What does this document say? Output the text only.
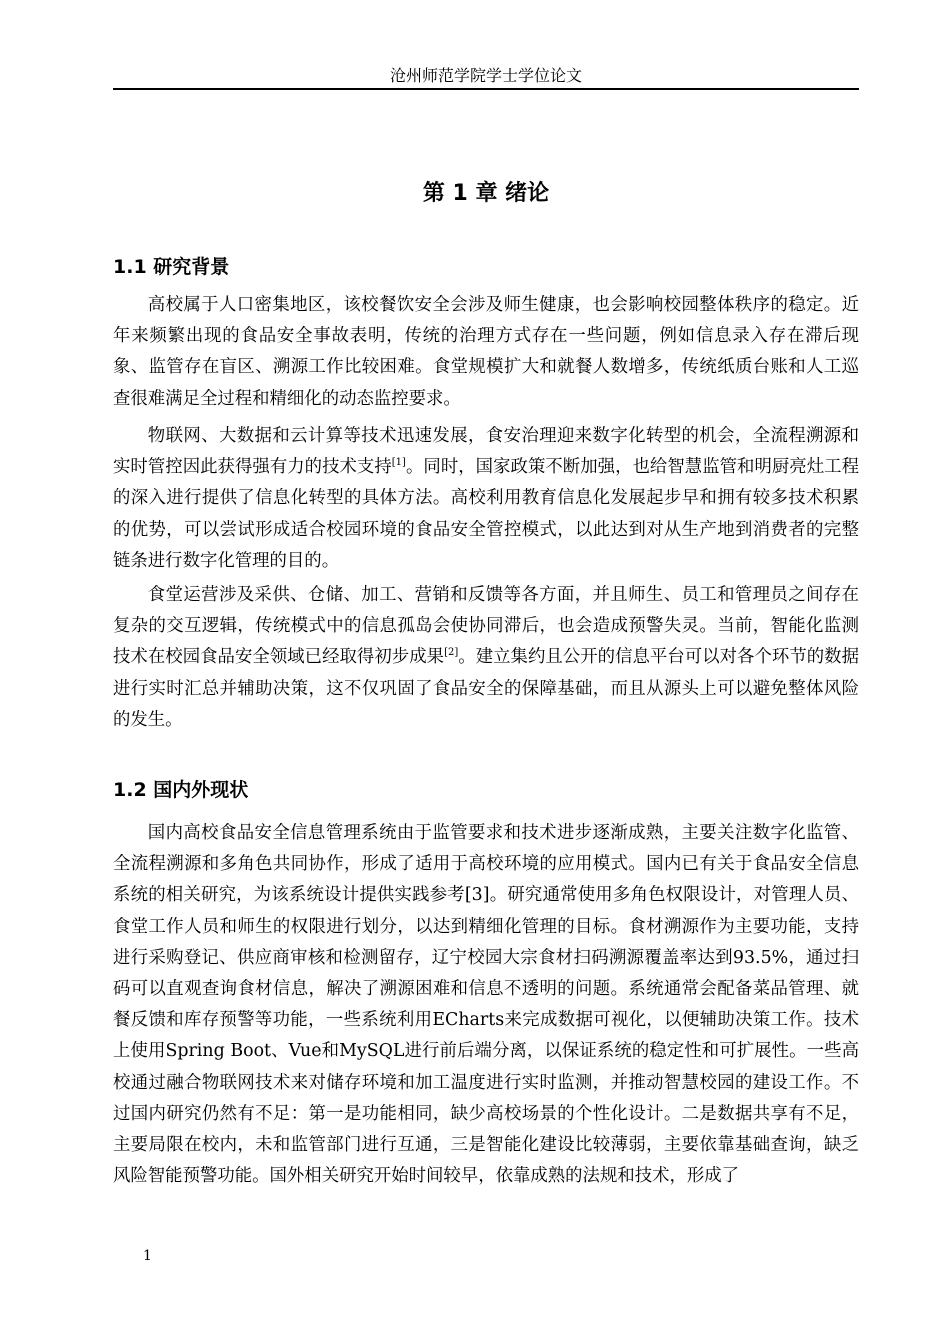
沧州师范学院学士学位论文
第 1 章 绪论
1.1 研究背景

高校属于人口密集地区，该校餐饮安全会涉及师生健康，也会影响校园整体秩序的稳定。近年来频繁出现的食品安全事故表明，传统的治理方式存在一些问题，例如信息录入存在滞后现象、监管存在盲区、溯源工作比较困难。食堂规模扩大和就餐人数增多，传统纸质台账和人工巡查很难满足全过程和精细化的动态监控要求。

物联网、大数据和云计算等技术迅速发展，食安治理迎来数字化转型的机会，全流程溯源和实时管控因此获得强有力的技术支持[1]。同时，国家政策不断加强，也给智慧监管和明厨亮灶工程的深入进行提供了信息化转型的具体方法。高校利用教育信息化发展起步早和拥有较多技术积累的优势，可以尝试形成适合校园环境的食品安全管控模式，以此达到对从生产地到消费者的完整链条进行数字化管理的目的。

食堂运营涉及采供、仓储、加工、营销和反馈等各方面，并且师生、员工和管理员之间存在复杂的交互逻辑，传统模式中的信息孤岛会使协同滞后，也会造成预警失灵。当前，智能化监测技术在校园食品安全领域已经取得初步成果[2]。建立集约且公开的信息平台可以对各个环节的数据进行实时汇总并辅助决策，这不仅巩固了食品安全的保障基础，而且从源头上可以避免整体风险的发生。

1.2 国内外现状

国内高校食品安全信息管理系统由于监管要求和技术进步逐渐成熟，主要关注数字化监管、全流程溯源和多角色共同协作，形成了适用于高校环境的应用模式。国内已有关于食品安全信息系统的相关研究，为该系统设计提供实践参考[3]。研究通常使用多角色权限设计，对管理人员、食堂工作人员和师生的权限进行划分，以达到精细化管理的目标。食材溯源作为主要功能，支持进行采购登记、供应商审核和检测留存，辽宁校园大宗食材扫码溯源覆盖率达到93.5%，通过扫码可以直观查询食材信息，解决了溯源困难和信息不透明的问题。系统通常会配备菜品管理、就餐反馈和库存预警等功能，一些系统利用ECharts来完成数据可视化，以便辅助决策工作。技术上使用Spring Boot、Vue和MySQL进行前后端分离，以保证系统的稳定性和可扩展性。一些高校通过融合物联网技术来对储存环境和加工温度进行实时监测，并推动智慧校园的建设工作。不过国内研究仍然有不足：第一是功能相同，缺少高校场景的个性化设计。二是数据共享有不足，主要局限在校内，未和监管部门进行互通，三是智能化建设比较薄弱，主要依靠基础查询，缺乏风险智能预警功能。国外相关研究开始时间较早，依靠成熟的法规和技术，形成了

1
